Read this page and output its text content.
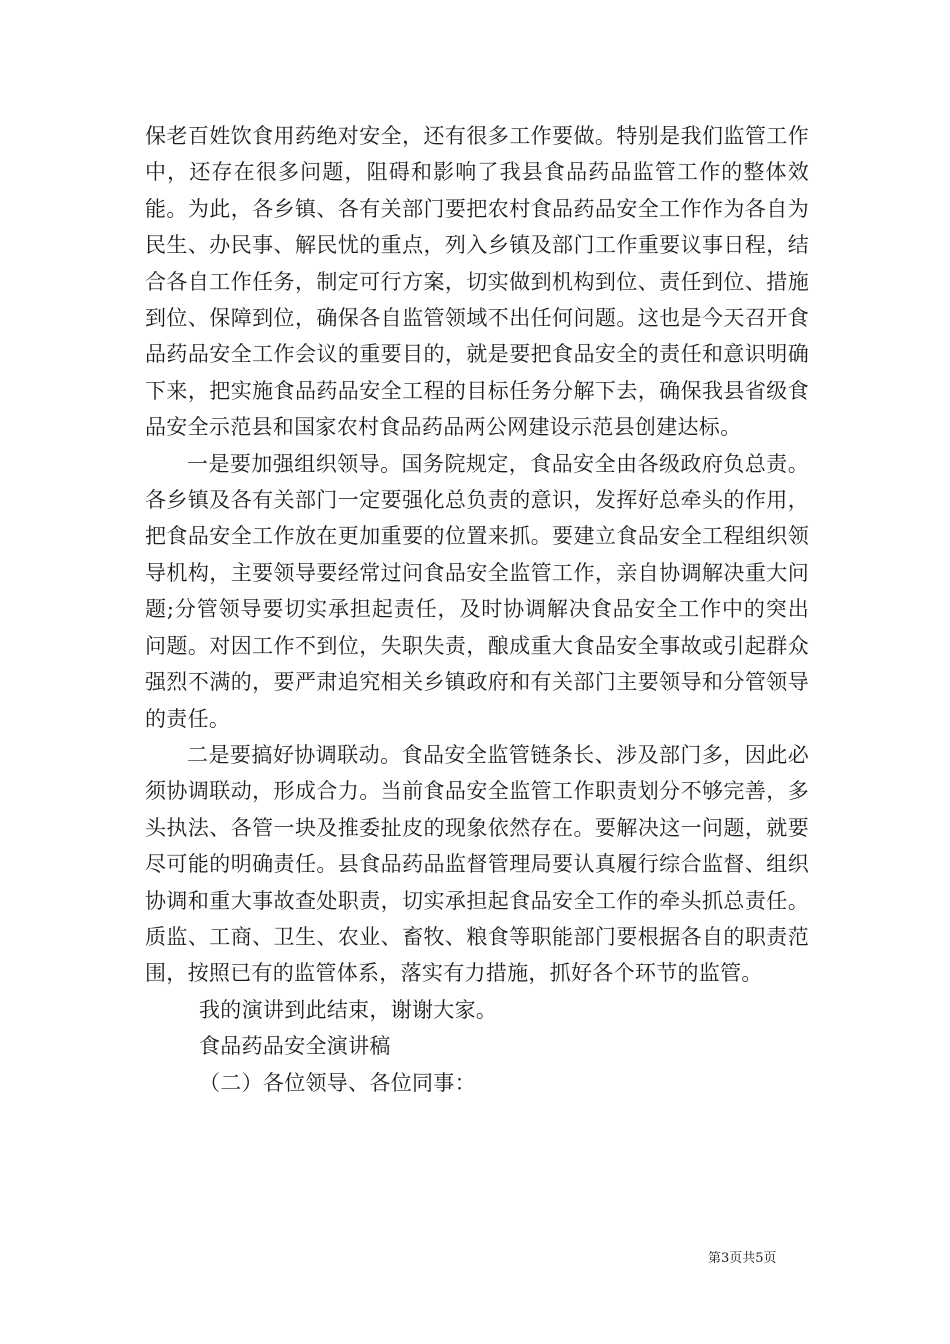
保老百姓饮食用药绝对安全，还有很多工作要做。特别是我们监管工作中，还存在很多问题，阻碍和影响了我县食品药品监管工作的整体效能。为此，各乡镇、各有关部门要把农村食品药品安全工作作为各自为民生、办民事、解民忧的重点，列入乡镇及部门工作重要议事日程，结合各自工作任务，制定可行方案，切实做到机构到位、责任到位、措施到位、保障到位，确保各自监管领域不出任何问题。这也是今天召开食品药品安全工作会议的重要目的，就是要把食品安全的责任和意识明确下来，把实施食品药品安全工程的目标任务分解下去，确保我县省级食品安全示范县和国家农村食品药品两公网建设示范县创建达标。

一是要加强组织领导。国务院规定，食品安全由各级政府负总责。各乡镇及各有关部门一定要强化总负责的意识，发挥好总牵头的作用，把食品安全工作放在更加重要的位置来抓。要建立食品安全工程组织领导机构，主要领导要经常过问食品安全监管工作，亲自协调解决重大问题;分管领导要切实承担起责任，及时协调解决食品安全工作中的突出问题。对因工作不到位，失职失责，酿成重大食品安全事故或引起群众强烈不满的，要严肃追究相关乡镇政府和有关部门主要领导和分管领导的责任。

二是要搞好协调联动。食品安全监管链条长、涉及部门多，因此必须协调联动，形成合力。当前食品安全监管工作职责划分不够完善，多头执法、各管一块及推委扯皮的现象依然存在。要解决这一问题，就要尽可能的明确责任。县食品药品监督管理局要认真履行综合监督、组织协调和重大事故查处职责，切实承担起食品安全工作的牵头抓总责任。质监、工商、卫生、农业、畜牧、粮食等职能部门要根据各自的职责范围，按照已有的监管体系，落实有力措施，抓好各个环节的监管。

我的演讲到此结束，谢谢大家。

食品药品安全演讲稿

（二）各位领导、各位同事：

第3页共5页
